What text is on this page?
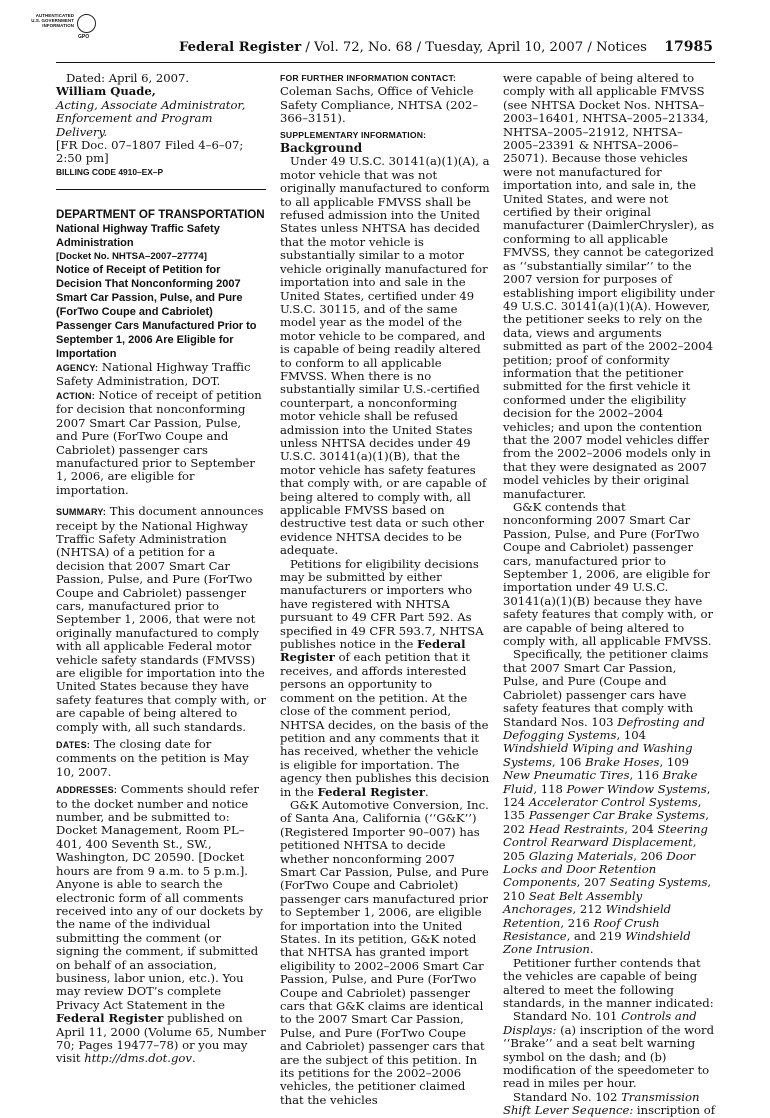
AUTHENTICATED
U.S. GOVERNMENT
INFORMATION
GPO
Federal Register / Vol. 72, No. 68 / Tuesday, April 10, 2007 / Notices 17985

Dated: April 6, 2007.

William Quade,

Acting, Associate Administrator, Enforcement and Program Delivery.

[FR Doc. 07–1807 Filed 4–6–07; 2:50 pm]

BILLING CODE 4910–EX–P

DEPARTMENT OF TRANSPORTATION

National Highway Traffic Safety Administration

[Docket No. NHTSA–2007–27774]

Notice of Receipt of Petition for Decision That Nonconforming 2007 Smart Car Passion, Pulse, and Pure (ForTwo Coupe and Cabriolet) Passenger Cars Manufactured Prior to September 1, 2006 Are Eligible for Importation

AGENCY: National Highway Traffic Safety Administration, DOT.

ACTION: Notice of receipt of petition for decision that nonconforming 2007 Smart Car Passion, Pulse, and Pure (ForTwo Coupe and Cabriolet) passenger cars manufactured prior to September 1, 2006, are eligible for importation.

SUMMARY: This document announces receipt by the National Highway Traffic Safety Administration (NHTSA) of a petition for a decision that 2007 Smart Car Passion, Pulse, and Pure (ForTwo Coupe and Cabriolet) passenger cars, manufactured prior to September 1, 2006, that were not originally manufactured to comply with all applicable Federal motor vehicle safety standards (FMVSS) are eligible for importation into the United States because they have safety features that comply with, or are capable of being altered to comply with, all such standards.

DATES: The closing date for comments on the petition is May 10, 2007.

ADDRESSES: Comments should refer to the docket number and notice number, and be submitted to: Docket Management, Room PL–401, 400 Seventh St., SW., Washington, DC 20590. [Docket hours are from 9 a.m. to 5 p.m.]. Anyone is able to search the electronic form of all comments received into any of our dockets by the name of the individual submitting the comment (or signing the comment, if submitted on behalf of an association, business, labor union, etc.). You may review DOT’s complete Privacy Act Statement in the Federal Register published on April 11, 2000 (Volume 65, Number 70; Pages 19477–78) or you may visit http://dms.dot.gov.

FOR FURTHER INFORMATION CONTACT:

Coleman Sachs, Office of Vehicle Safety Compliance, NHTSA (202–366–3151).

SUPPLEMENTARY INFORMATION:

Background

Under 49 U.S.C. 30141(a)(1)(A), a motor vehicle that was not originally manufactured to conform to all applicable FMVSS shall be refused admission into the United States unless NHTSA has decided that the motor vehicle is substantially similar to a motor vehicle originally manufactured for importation into and sale in the United States, certified under 49 U.S.C. 30115, and of the same model year as the model of the motor vehicle to be compared, and is capable of being readily altered to conform to all applicable FMVSS. When there is no substantially similar U.S.-certified counterpart, a nonconforming motor vehicle shall be refused admission into the United States unless NHTSA decides under 49 U.S.C. 30141(a)(1)(B), that the motor vehicle has safety features that comply with, or are capable of being altered to comply with, all applicable FMVSS based on destructive test data or such other evidence NHTSA decides to be adequate.

Petitions for eligibility decisions may be submitted by either manufacturers or importers who have registered with NHTSA pursuant to 49 CFR Part 592. As specified in 49 CFR 593.7, NHTSA publishes notice in the Federal Register of each petition that it receives, and affords interested persons an opportunity to comment on the petition. At the close of the comment period, NHTSA decides, on the basis of the petition and any comments that it has received, whether the vehicle is eligible for importation. The agency then publishes this decision in the Federal Register.

G&K Automotive Conversion, Inc. of Santa Ana, California (‘‘G&K’’) (Registered Importer 90–007) has petitioned NHTSA to decide whether nonconforming 2007 Smart Car Passion, Pulse, and Pure (ForTwo Coupe and Cabriolet) passenger cars manufactured prior to September 1, 2006, are eligible for importation into the United States. In its petition, G&K noted that NHTSA has granted import eligibility to 2002–2006 Smart Car Passion, Pulse, and Pure (ForTwo Coupe and Cabriolet) passenger cars that G&K claims are identical to the 2007 Smart Car Passion, Pulse, and Pure (ForTwo Coupe and Cabriolet) passenger cars that are the subject of this petition. In its petitions for the 2002–2006 vehicles, the petitioner claimed that the vehicles

were capable of being altered to comply with all applicable FMVSS (see NHTSA Docket Nos. NHTSA–2003–16401, NHTSA–2005–21334, NHTSA–2005–21912, NHTSA–2005–23391 & NHTSA–2006–25071). Because those vehicles were not manufactured for importation into, and sale in, the United States, and were not certified by their original manufacturer (DaimlerChrysler), as conforming to all applicable FMVSS, they cannot be categorized as ‘‘substantially similar’’ to the 2007 version for purposes of establishing import eligibility under 49 U.S.C. 30141(a)(1)(A). However, the petitioner seeks to rely on the data, views and arguments submitted as part of the 2002–2004 petition; proof of conformity information that the petitioner submitted for the first vehicle it conformed under the eligibility decision for the 2002–2004 vehicles; and upon the contention that the 2007 model vehicles differ from the 2002–2006 models only in that they were designated as 2007 model vehicles by their original manufacturer.

G&K contends that nonconforming 2007 Smart Car Passion, Pulse, and Pure (ForTwo Coupe and Cabriolet) passenger cars, manufactured prior to September 1, 2006, are eligible for importation under 49 U.S.C. 30141(a)(1)(B) because they have safety features that comply with, or are capable of being altered to comply with, all applicable FMVSS.

Specifically, the petitioner claims that 2007 Smart Car Passion, Pulse, and Pure (Coupe and Cabriolet) passenger cars have safety features that comply with Standard Nos. 103 Defrosting and Defogging Systems, 104 Windshield Wiping and Washing Systems, 106 Brake Hoses, 109 New Pneumatic Tires, 116 Brake Fluid, 118 Power Window Systems, 124 Accelerator Control Systems, 135 Passenger Car Brake Systems, 202 Head Restraints, 204 Steering Control Rearward Displacement, 205 Glazing Materials, 206 Door Locks and Door Retention Components, 207 Seating Systems, 210 Seat Belt Assembly Anchorages, 212 Windshield Retention, 216 Roof Crush Resistance, and 219 Windshield Zone Intrusion.

Petitioner further contends that the vehicles are capable of being altered to meet the following standards, in the manner indicated:

Standard No. 101 Controls and Displays: (a) inscription of the word ‘‘Brake’’ and a seat belt warning symbol on the dash; and (b) modification of the speedometer to read in miles per hour.

Standard No. 102 Transmission Shift Lever Sequence: inscription of
